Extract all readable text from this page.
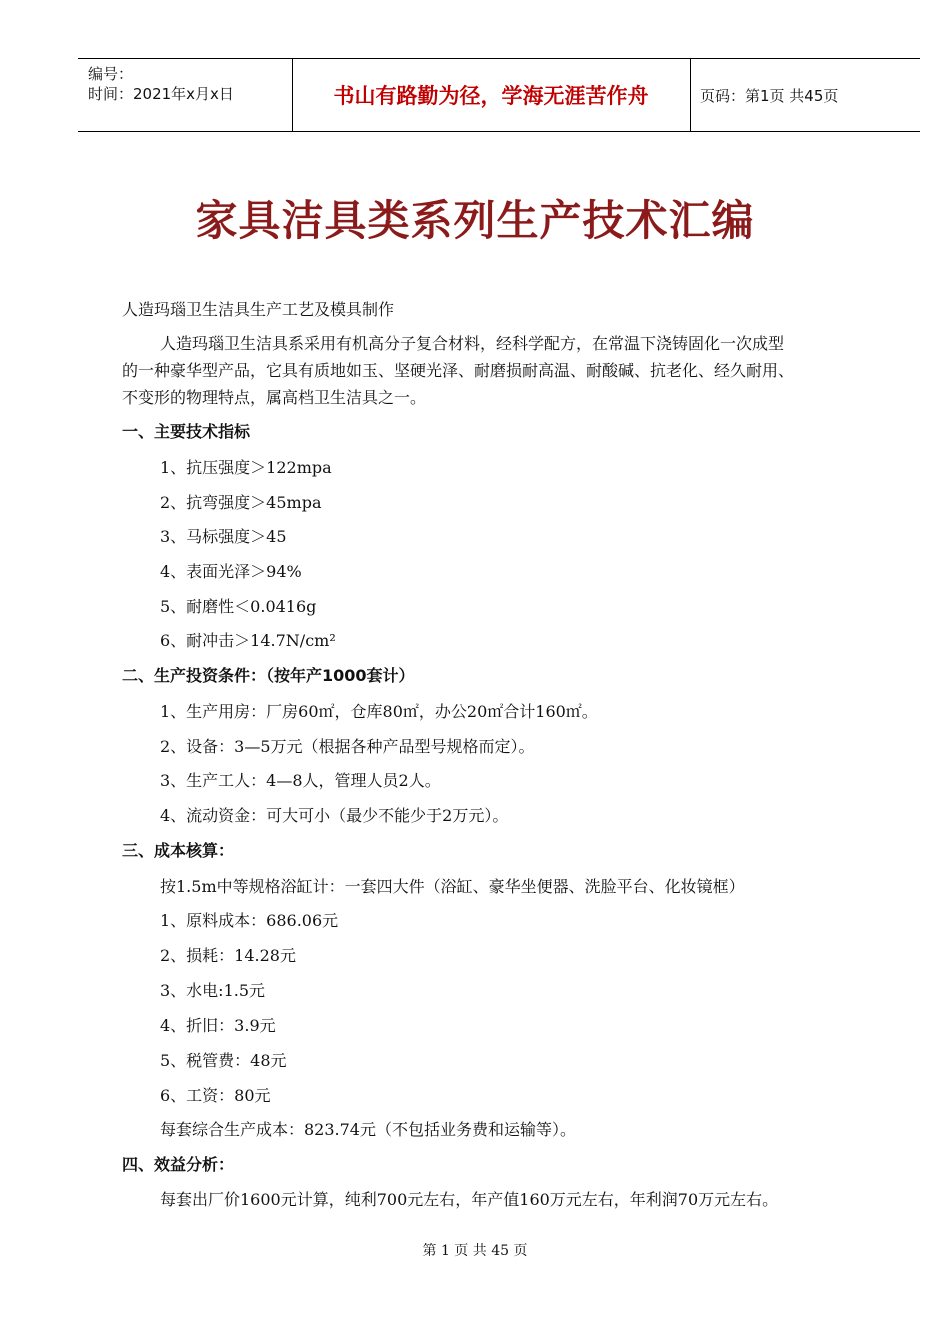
编号：
时间：2021年x月x日	书山有路勤为径，学海无涯苦作舟	页码：第1页 共45页
家具洁具类系列生产技术汇编
人造玛瑙卫生洁具生产工艺及模具制作
人造玛瑙卫生洁具系采用有机高分子复合材料，经科学配方，在常温下浇铸固化一次成型
的一种豪华型产品，它具有质地如玉、坚硬光泽、耐磨损耐高温、耐酸碱、抗老化、经久耐用、
不变形的物理特点，属高档卫生洁具之一。
一、主要技术指标
1、抗压强度＞122mpa
2、抗弯强度＞45mpa
3、马标强度＞45
4、表面光泽＞94%
5、耐磨性＜0.0416g
6、耐冲击＞14.7N/cm²
二、生产投资条件：（按年产1000套计）
1、生产用房：厂房60㎡，仓库80㎡，办公20㎡合计160㎡。
2、设备：3—5万元（根据各种产品型号规格而定）。
3、生产工人：4—8人，管理人员2人。
4、流动资金：可大可小（最少不能少于2万元）。
三、成本核算：
按1.5m中等规格浴缸计：一套四大件（浴缸、豪华坐便器、洗脸平台、化妆镜框）
1、原料成本：686.06元
2、损耗：14.28元
3、水电:1.5元
4、折旧：3.9元
5、税管费：48元
6、工资：80元
每套综合生产成本：823.74元（不包括业务费和运输等）。
四、效益分析：
每套出厂价1600元计算，纯利700元左右，年产值160万元左右，年利润70万元左右。
第 1 页 共 45 页
